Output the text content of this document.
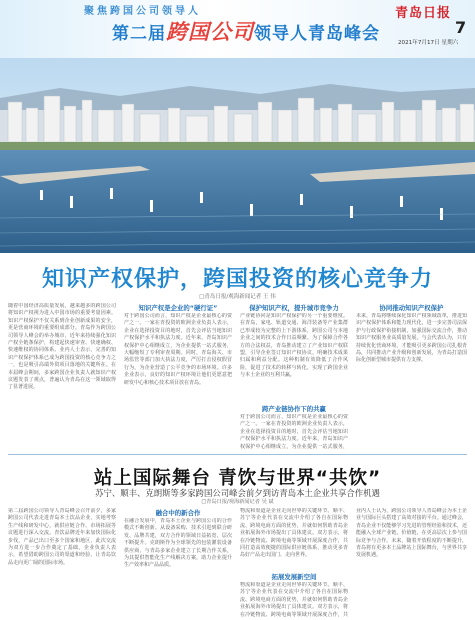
聚焦跨国公司领导人
第二届跨国公司领导人青岛峰会
青岛日报
7
2021年7月17日 星期六
知识产权保护，跨国投资的核心竞争力
□青岛日报/观海新闻记者 王 伟
随着中国经济高质量发展，越来越多的跨国公司将知识产权视为进入中国市场的重要考量因素。知识产权保护不仅关系到企业创新成果的安全，更是营商环境的重要组成部分。青岛作为跨国公司领导人峰会的举办城市，近年来持续强化知识产权全链条保护，构建起快速审查、快速确权、快速维权的协同体系。业内人士表示，完善的知识产权保护体系已成为跨国投资的核心竞争力之一，也是吸引高端外资项目落地的关键所在。在本届峰会期间，多家跨国企业负责人就知识产权议题发表了观点，普遍认为青岛在这一领域取得了显著进展。
知识产权是企业的“硬行证”
对于跨国公司而言，知识产权是企业最核心的资产之一。一家在青投资的欧洲企业负责人表示，企业在选择投资目的地时，首先会评估当地知识产权保护水平和执法力度。近年来，青岛知识产权保护中心相继成立，为企业提供一站式服务，大幅缩短了专利审查周期。同时，青岛海关、市场监管等部门加大执法力度，严厉打击侵权假冒行为，为企业营造了公平竞争的市场环境。许多企业表示，良好的知识产权环境让他们更愿意把研发中心和核心技术项目放在青岛。
保护知识产权，提升城市竞争力
产业链协同是知识产权保护的另一个重要维度。在青岛，家电、轨道交通、海洋装备等产业集群已形成较为完整的上下游体系，跨国公司与本地企业之间的技术合作日益频繁。为了保障合作各方的合法权益，青岛推动建立了产业知识产权联盟，引导企业签订知识产权协议，明确技术成果归属和利益分配。这种机制有效降低了合作风险，促进了技术的转移与转化，实现了跨国企业与本土企业的互利共赢。
跨产业链协作下的共赢
对于跨国公司而言，知识产权是企业最核心的资产之一。一家在青投资的欧洲企业负责人表示，企业在选择投资目的地时，首先会评估当地知识产权保护水平和执法力度。近年来，青岛知识产权保护中心相继成立，为企业提供一站式服务，
协同推动知识产权保护
未来，青岛将继续深化知识产权领域改革，推进知识产权保护体系和能力现代化，进一步完善司法保护与行政保护衔接机制，加强国际交流合作，推动知识产权服务业高质量发展。与会代表认为，只有持续优化营商环境，才能吸引更多跨国公司扎根青岛，共同推动产业升级和创新发展，为青岛打造国际化创新型城市提供有力支撑。
站上国际舞台 青饮与世界“共饮”
苏宁、顺丰、克朗斯等多家跨国公司峰会前夕到访青岛本土企业共享合作机遇
□青岛日报/观海新闻记者 吴 斌
第二届跨国公司领导人青岛峰会召开前夕，多家跨国公司代表走进青岛本土饮品企业，实地考察生产线和研发中心，就供应链合作、市场拓展等议题进行深入交流。青饮品牌近年来加快国际化步伐，产品已出口至多个国家和地区，此次交流为双方进一步合作奠定了基础。企业负责人表示，希望借助跨国公司的渠道和经验，让青岛饮品走向更广阔的国际市场。
融合中的新合作
在融合发展中，青岛本土企业与跨国公司的合作模式不断创新。从设备采购、技术引进到联合研发、品牌共建，双方合作的领域日益拓宽、层次不断提升。克朗斯作为全球领先的包装灌装设备供应商，与青岛多家企业建立了长期合作关系，为其提供智能化生产线解决方案，助力企业提升生产效率和产品品质。
物流和渠道是企业走向世界的关键环节。顺丰、苏宁等企业代表在交流中介绍了各自在国际物流、跨境电商方面的优势，并就如何帮助青岛企业拓展海外市场提出了具体建议。双方表示，将在冷链物流、跨境电商等领域开展深度合作，共同打造高效便捷的国际供应链体系，推动更多青岛好产品走出国门、走向世界。
拓展发展新空间
物流和渠道是企业走向世界的关键环节。顺丰、苏宁等企业代表在交流中介绍了各自在国际物流、跨境电商方面的优势，并就如何帮助青岛企业拓展海外市场提出了具体建议。双方表示，将在冷链物流、跨境电商等领域开展深度合作，共
业内人士认为，跨国公司领导人青岛峰会为本土企业与国际巨头搭建了高效对接的平台。通过峰会，青岛企业不仅能够学习先进的管理经验和技术，还能融入全球产业链、价值链，在更高层次上参与国际竞争与合作。未来，随着开放程度的不断提升，青岛将有更多本土品牌站上国际舞台，与世界共享发展机遇。
